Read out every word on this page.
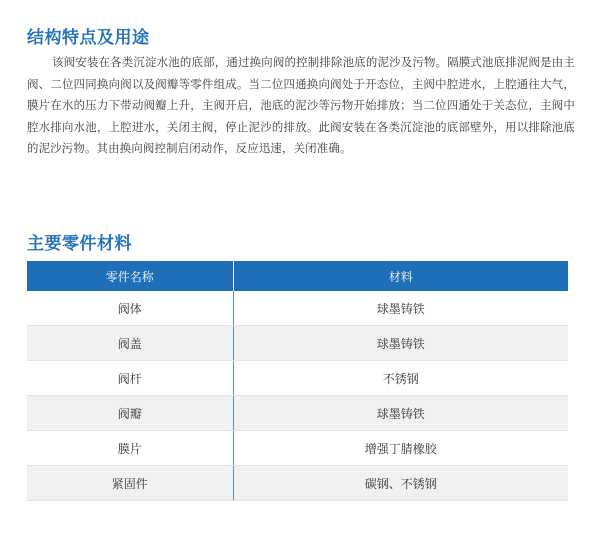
结构特点及用途

该阀安装在各类沉淀水池的底部，通过换向阀的控制排除池底的泥沙及污物。隔膜式池底排泥阀是由主阀、二位四同换向阀以及阀瓣等零件组成。当二位四通换向阀处于开态位，主阀中腔进水，上腔通往大气，膜片在水的压力下带动阀瓣上升，主阀开启，池底的泥沙等污物开始排放；当二位四通处于关态位，主阀中腔水排向水池，上腔进水，关闭主阀，停止泥沙的排放。此阀安装在各类沉淀池的底部壁外，用以排除池底的泥沙污物。其由换向阀控制启闭动作，反应迅速，关闭准确。

主要零件材料
零件名称	材料
阀体	球墨铸铁
阀盖	球墨铸铁
阀杆	不锈钢
阀瓣	球墨铸铁
膜片	增强丁腈橡胶
紧固件	碳钢、不锈钢
